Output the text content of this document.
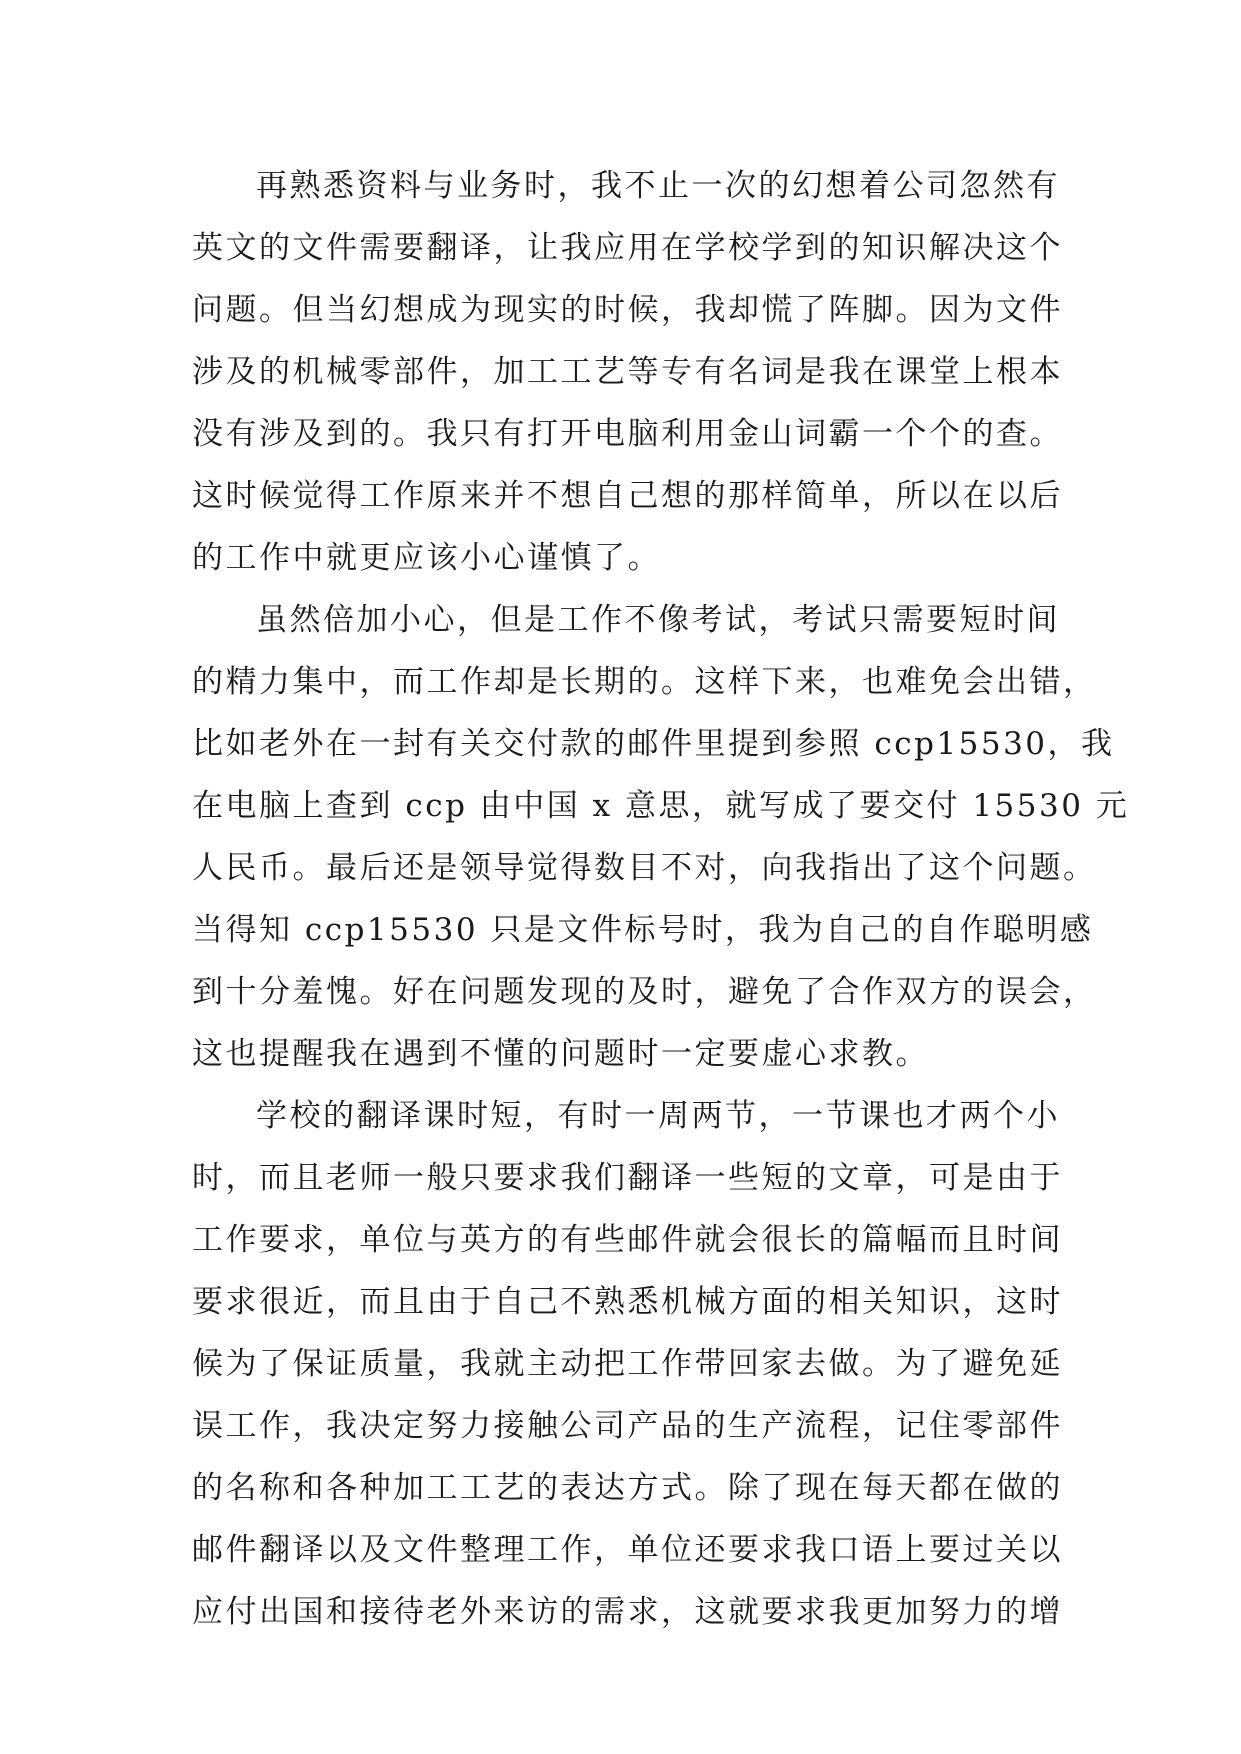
再熟悉资料与业务时，我不止一次的幻想着公司忽然有
英文的文件需要翻译，让我应用在学校学到的知识解决这个
问题。但当幻想成为现实的时候，我却慌了阵脚。因为文件
涉及的机械零部件，加工工艺等专有名词是我在课堂上根本
没有涉及到的。我只有打开电脑利用金山词霸一个个的查。
这时候觉得工作原来并不想自己想的那样简单，所以在以后
的工作中就更应该小心谨慎了。
虽然倍加小心，但是工作不像考试，考试只需要短时间
的精力集中，而工作却是长期的。这样下来，也难免会出错，
比如老外在一封有关交付款的邮件里提到参照 ccp15530，我
在电脑上查到 ccp 由中国 x 意思，就写成了要交付 15530 元
人民币。最后还是领导觉得数目不对，向我指出了这个问题。
当得知 ccp15530 只是文件标号时，我为自己的自作聪明感
到十分羞愧。好在问题发现的及时，避免了合作双方的误会，
这也提醒我在遇到不懂的问题时一定要虚心求教。
学校的翻译课时短，有时一周两节，一节课也才两个小
时，而且老师一般只要求我们翻译一些短的文章，可是由于
工作要求，单位与英方的有些邮件就会很长的篇幅而且时间
要求很近，而且由于自己不熟悉机械方面的相关知识，这时
候为了保证质量，我就主动把工作带回家去做。为了避免延
误工作，我决定努力接触公司产品的生产流程，记住零部件
的名称和各种加工工艺的表达方式。除了现在每天都在做的
邮件翻译以及文件整理工作，单位还要求我口语上要过关以
应付出国和接待老外来访的需求，这就要求我更加努力的增
